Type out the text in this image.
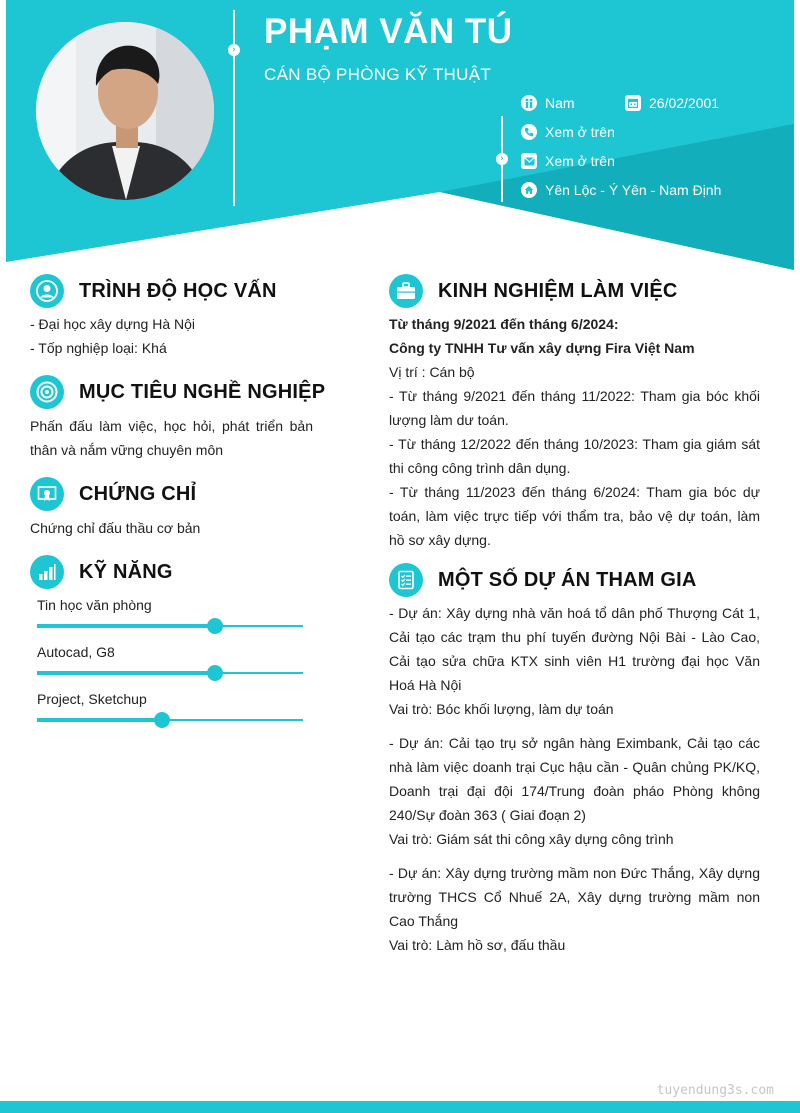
› PHẠM VĂN TÚ
CÁN BỘ PHÒNG KỸ THUẬT
›
Nam	26/02/2001
Xem ở trên
Xem ở trên
Yên Lộc - Ý Yên - Nam Định
TRÌNH ĐỘ HỌC VẤN
- Đại học xây dựng Hà Nội
- Tốp nghiệp loại: Khá
MỤC TIÊU NGHỀ NGHIỆP
Phấn đấu làm việc, học hỏi, phát triển bản thân và nắm vững chuyên môn
CHỨNG CHỈ
Chứng chỉ đấu thầu cơ bản
KỸ NĂNG
Tin học văn phòng
Autocad, G8
Project, Sketchup
KINH NGHIỆM LÀM VIỆC
Từ tháng 9/2021 đến tháng 6/2024:
Công ty TNHH Tư vấn xây dựng Fira Việt Nam
Vị trí : Cán bộ
- Từ tháng 9/2021 đến tháng 11/2022: Tham gia bóc khối lượng làm dư toán.
- Từ tháng 12/2022 đến tháng 10/2023: Tham gia giám sát thi công công trình dân dụng.
- Từ tháng 11/2023 đến tháng 6/2024: Tham gia bóc dự toán, làm việc trực tiếp với thẩm tra, bảo vệ dự toán, làm hồ sơ xây dựng.
MỘT SỐ DỰ ÁN THAM GIA
- Dự án: Xây dựng nhà văn hoá tổ dân phố Thượng Cát 1, Cải tạo các trạm thu phí tuyến đường Nội Bài - Lào Cao, Cải tạo sửa chữa KTX sinh viên H1 trường đại học Văn Hoá Hà Nội
Vai trò: Bóc khối lượng, làm dự toán
- Dự án: Cải tạo trụ sở ngân hàng Eximbank, Cải tạo các nhà làm việc doanh trại Cục hậu cần - Quân chủng PK/KQ, Doanh trại đại đội 174/Trung đoàn pháo Phòng không 240/Sự đoàn 363 ( Giai đoạn 2)
Vai trò: Giám sát thi công xây dựng công trình
- Dự án: Xây dựng trường mầm non Đức Thắng, Xây dựng trường THCS Cổ Nhuế 2A, Xây dựng trường mầm non Cao Thắng
Vai trò: Làm hồ sơ, đấu thầu
tuyendung3s.com
